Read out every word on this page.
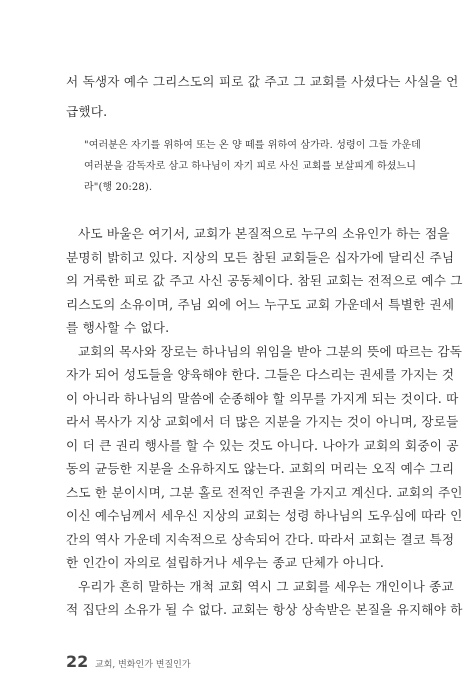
서 독생자 예수 그리스도의 피로 값 주고 그 교회를 사셨다는 사실을 언

급했다.

"여러분은 자기를 위하여 또는 온 양 떼를 위하여 삼가라. 성령이 그들 가운데

여러분을 감독자로 삼고 하나님이 자기 피로 사신 교회를 보살피게 하셨느니

라"(행 20:28).

사도 바울은 여기서, 교회가 본질적으로 누구의 소유인가 하는 점을

분명히 밝히고 있다. 지상의 모든 참된 교회들은 십자가에 달리신 주님

의 거룩한 피로 값 주고 사신 공동체이다. 참된 교회는 전적으로 예수 그

리스도의 소유이며, 주님 외에 어느 누구도 교회 가운데서 특별한 권세

를 행사할 수 없다.

교회의 목사와 장로는 하나님의 위임을 받아 그분의 뜻에 따르는 감독

자가 되어 성도들을 양육해야 한다. 그들은 다스리는 권세를 가지는 것

이 아니라 하나님의 말씀에 순종해야 할 의무를 가지게 되는 것이다. 따

라서 목사가 지상 교회에서 더 많은 지분을 가지는 것이 아니며, 장로들

이 더 큰 권리 행사를 할 수 있는 것도 아니다. 나아가 교회의 회중이 공

동의 균등한 지분을 소유하지도 않는다. 교회의 머리는 오직 예수 그리

스도 한 분이시며, 그분 홀로 전적인 주권을 가지고 계신다. 교회의 주인

이신 예수님께서 세우신 지상의 교회는 성령 하나님의 도우심에 따라 인

간의 역사 가운데 지속적으로 상속되어 간다. 따라서 교회는 결코 특정

한 인간이 자의로 설립하거나 세우는 종교 단체가 아니다.

우리가 흔히 말하는 개척 교회 역시 그 교회를 세우는 개인이나 종교

적 집단의 소유가 될 수 없다. 교회는 항상 상속받은 본질을 유지해야 하

22 교회, 변화인가 변질인가
